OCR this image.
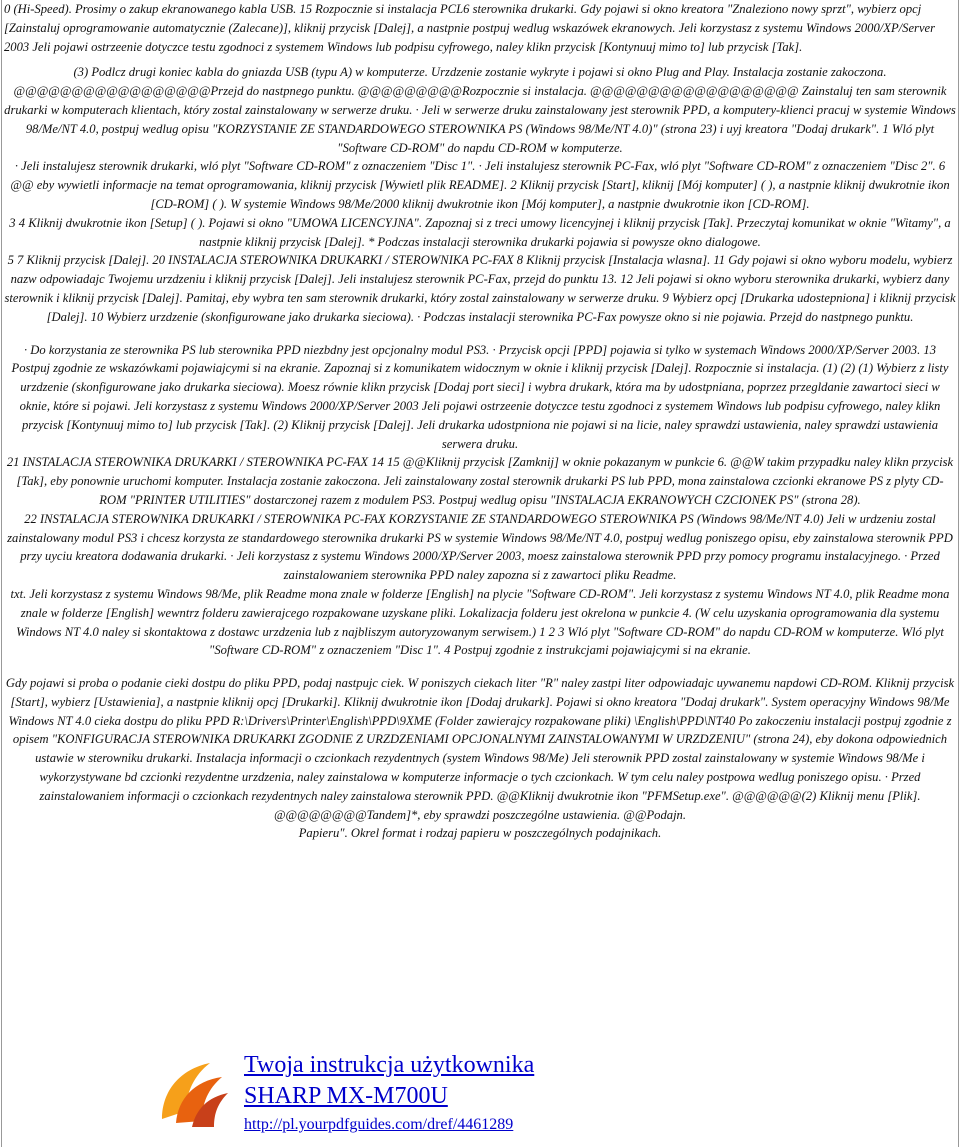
0 (Hi-Speed). Prosimy o zakup ekranowanego kabla USB. 15 Rozpocznie si instalacja PCL6 sterownika drukarki. Gdy pojawi si okno kreatora "Znaleziono nowy sprzt", wybierz opcj [Zainstaluj oprogramowanie automatycznie (Zalecane)], kliknij przycisk [Dalej], a nastpnie postpuj wedlug wskazówek ekranowych. Jeli korzystasz z systemu Windows 2000/XP/Server 2003 Jeli pojawi ostrzeenie dotyczce testu zgodnoci z systemem Windows lub podpisu cyfrowego, naley klikn przycisk [Kontynuuj mimo to] lub przycisk [Tak].

(3) Podlcz drugi koniec kabla do gniazda USB (typu A) w komputerze. Urzdzenie zostanie wykryte i pojawi si okno Plug and Play. Instalacja zostanie zakoczona. @@@@@@@@@@@@@@@@@Przejd do nastpnego punktu. @@@@@@@@@Rozpocznie si instalacja. @@@@@@@@@@@@@@@@@@ Zainstaluj ten sam sterownik drukarki w komputerach klientach, który zostal zainstalowany w serwerze druku. · Jeli w serwerze druku zainstalowany jest sterownik PPD, a komputery-klienci pracuj w systemie Windows 98/Me/NT 4.0, postpuj wedlug opisu "KORZYSTANIE ZE STANDARDOWEGO STEROWNIKA PS (Windows 98/Me/NT 4.0)" (strona 23) i uyj kreatora "Dodaj drukark". 1 Wló plyt "Software CD-ROM" do napdu CD-ROM w komputerze.

· Jeli instalujesz sterownik drukarki, wló plyt "Software CD-ROM" z oznaczeniem "Disc 1". · Jeli instalujesz sterownik PC-Fax, wló plyt "Software CD-ROM" z oznaczeniem "Disc 2". 6 @@ eby wywietli informacje na temat oprogramowania, kliknij przycisk [Wywietl plik README]. 2 Kliknij przycisk [Start], kliknij [Mój komputer] ( ), a nastpnie kliknij dwukrotnie ikon [CD-ROM] ( ). W systemie Windows 98/Me/2000 kliknij dwukrotnie ikon [Mój komputer], a nastpnie dwukrotnie ikon [CD-ROM].

3 4 Kliknij dwukrotnie ikon [Setup] ( ). Pojawi si okno "UMOWA LICENCYJNA". Zapoznaj si z treci umowy licencyjnej i kliknij przycisk [Tak]. Przeczytaj komunikat w oknie "Witamy", a nastpnie kliknij przycisk [Dalej]. * Podczas instalacji sterownika drukarki pojawia si powysze okno dialogowe.

5 7 Kliknij przycisk [Dalej]. 20 INSTALACJA STEROWNIKA DRUKARKI / STEROWNIKA PC-FAX 8 Kliknij przycisk [Instalacja wlasna]. 11 Gdy pojawi si okno wyboru modelu, wybierz nazw odpowiadajc Twojemu urzdzeniu i kliknij przycisk [Dalej]. Jeli instalujesz sterownik PC-Fax, przejd do punktu 13. 12 Jeli pojawi si okno wyboru sterownika drukarki, wybierz dany sterownik i kliknij przycisk [Dalej]. Pamitaj, eby wybra ten sam sterownik drukarki, który zostal zainstalowany w serwerze druku. 9 Wybierz opcj [Drukarka udostepniona] i kliknij przycisk [Dalej]. 10 Wybierz urzdzenie (skonfigurowane jako drukarka sieciowa). · Podczas instalacji sterownika PC-Fax powysze okno si nie pojawia. Przejd do nastpnego punktu.

· Do korzystania ze sterownika PS lub sterownika PPD niezbdny jest opcjonalny modul PS3. · Przycisk opcji [PPD] pojawia si tylko w systemach Windows 2000/XP/Server 2003. 13 Postpuj zgodnie ze wskazówkami pojawiajcymi si na ekranie. Zapoznaj si z komunikatem widocznym w oknie i kliknij przycisk [Dalej]. Rozpocznie si instalacja. (1) (2) (1) Wybierz z listy urzdzenie (skonfigurowane jako drukarka sieciowa). Moesz równie klikn przycisk [Dodaj port sieci] i wybra drukark, która ma by udostpniana, poprzez przegldanie zawartoci sieci w oknie, które si pojawi. Jeli korzystasz z systemu Windows 2000/XP/Server 2003 Jeli pojawi ostrzeenie dotyczce testu zgodnoci z systemem Windows lub podpisu cyfrowego, naley klikn przycisk [Kontynuuj mimo to] lub przycisk [Tak]. (2) Kliknij przycisk [Dalej]. Jeli drukarka udostpniona nie pojawi si na licie, naley sprawdzi ustawienia, naley sprawdzi ustawienia serwera druku.

21 INSTALACJA STEROWNIKA DRUKARKI / STEROWNIKA PC-FAX 14 15 @@Kliknij przycisk [Zamknij] w oknie pokazanym w punkcie 6. @@W takim przypadku naley klikn przycisk [Tak], eby ponownie uruchomi komputer. Instalacja zostanie zakoczona. Jeli zainstalowany zostal sterownik drukarki PS lub PPD, mona zainstalowa czcionki ekranowe PS z plyty CD-ROM "PRINTER UTILITIES" dostarczonej razem z modulem PS3. Postpuj wedlug opisu "INSTALACJA EKRANOWYCH CZCIONEK PS" (strona 28).

22 INSTALACJA STEROWNIKA DRUKARKI / STEROWNIKA PC-FAX KORZYSTANIE ZE STANDARDOWEGO STEROWNIKA PS (Windows 98/Me/NT 4.0) Jeli w urdzeniu zostal zainstalowany modul PS3 i chcesz korzysta ze standardowego sterownika drukarki PS w systemie Windows 98/Me/NT 4.0, postpuj wedlug poniszego opisu, eby zainstalowa sterownik PPD przy uyciu kreatora dodawania drukarki. · Jeli korzystasz z systemu Windows 2000/XP/Server 2003, moesz zainstalowa sterownik PPD przy pomocy programu instalacyjnego. · Przed zainstalowaniem sterownika PPD naley zapozna si z zawartoci pliku Readme.

txt. Jeli korzystasz z systemu Windows 98/Me, plik Readme mona znale w folderze [English] na plycie "Software CD-ROM". Jeli korzystasz z systemu Windows NT 4.0, plik Readme mona znale w folderze [English] wewntrz folderu zawierajcego rozpakowane uzyskane pliki. Lokalizacja folderu jest okrelona w punkcie 4. (W celu uzyskania oprogramowania dla systemu Windows NT 4.0 naley si skontaktowa z dostawc urzdzenia lub z najbliszym autoryzowanym serwisem.) 1 2 3 Wló plyt "Software CD-ROM" do napdu CD-ROM w komputerze. Wló plyt "Software CD-ROM" z oznaczeniem "Disc 1". 4 Postpuj zgodnie z instrukcjami pojawiajcymi si na ekranie.

Gdy pojawi si proba o podanie cieki dostpu do pliku PPD, podaj nastpujc ciek. W poniszych ciekach liter "R" naley zastpi liter odpowiadajc uywanemu napdowi CD-ROM. Kliknij przycisk [Start], wybierz [Ustawienia], a nastpnie kliknij opcj [Drukarki]. Kliknij dwukrotnie ikon [Dodaj drukark]. Pojawi si okno kreatora "Dodaj drukark". System operacyjny Windows 98/Me Windows NT 4.0 cieka dostpu do pliku PPD R:\Drivers\Printer\English\PPD\9XME (Folder zawierajcy rozpakowane pliki) \English\PPD\NT40 Po zakoczeniu instalacji postpuj zgodnie z opisem "KONFIGURACJA STEROWNIKA DRUKARKI ZGODNIE Z URZDZENIAMI OPCJONALNYMI ZAINSTALOWANYMI W URZDZENIU" (strona 24), eby dokona odpowiednich ustawie w sterowniku drukarki. Instalacja informacji o czcionkach rezydentnych (system Windows 98/Me) Jeli sterownik PPD zostal zainstalowany w systemie Windows 98/Me i wykorzystywane bd czcionki rezydentne urzdzenia, naley zainstalowa w komputerze informacje o tych czcionkach. W tym celu naley postpowa wedlug poniszego opisu. · Przed zainstalowaniem informacji o czcionkach rezydentnych naley zainstalowa sterownik PPD. @@Kliknij dwukrotnie ikon "PFMSetup.exe". @@@@@@(2) Kliknij menu [Plik]. @@@@@@@@Tandem]*, eby sprawdzi poszczególne ustawienia. @@Podajn.

Papieru". Okrel format i rodzaj papieru w poszczególnych podajnikach.

Twoja instrukcja użytkownika
SHARP MX-M700U
http://pl.yourpdfguides.com/dref/4461289
